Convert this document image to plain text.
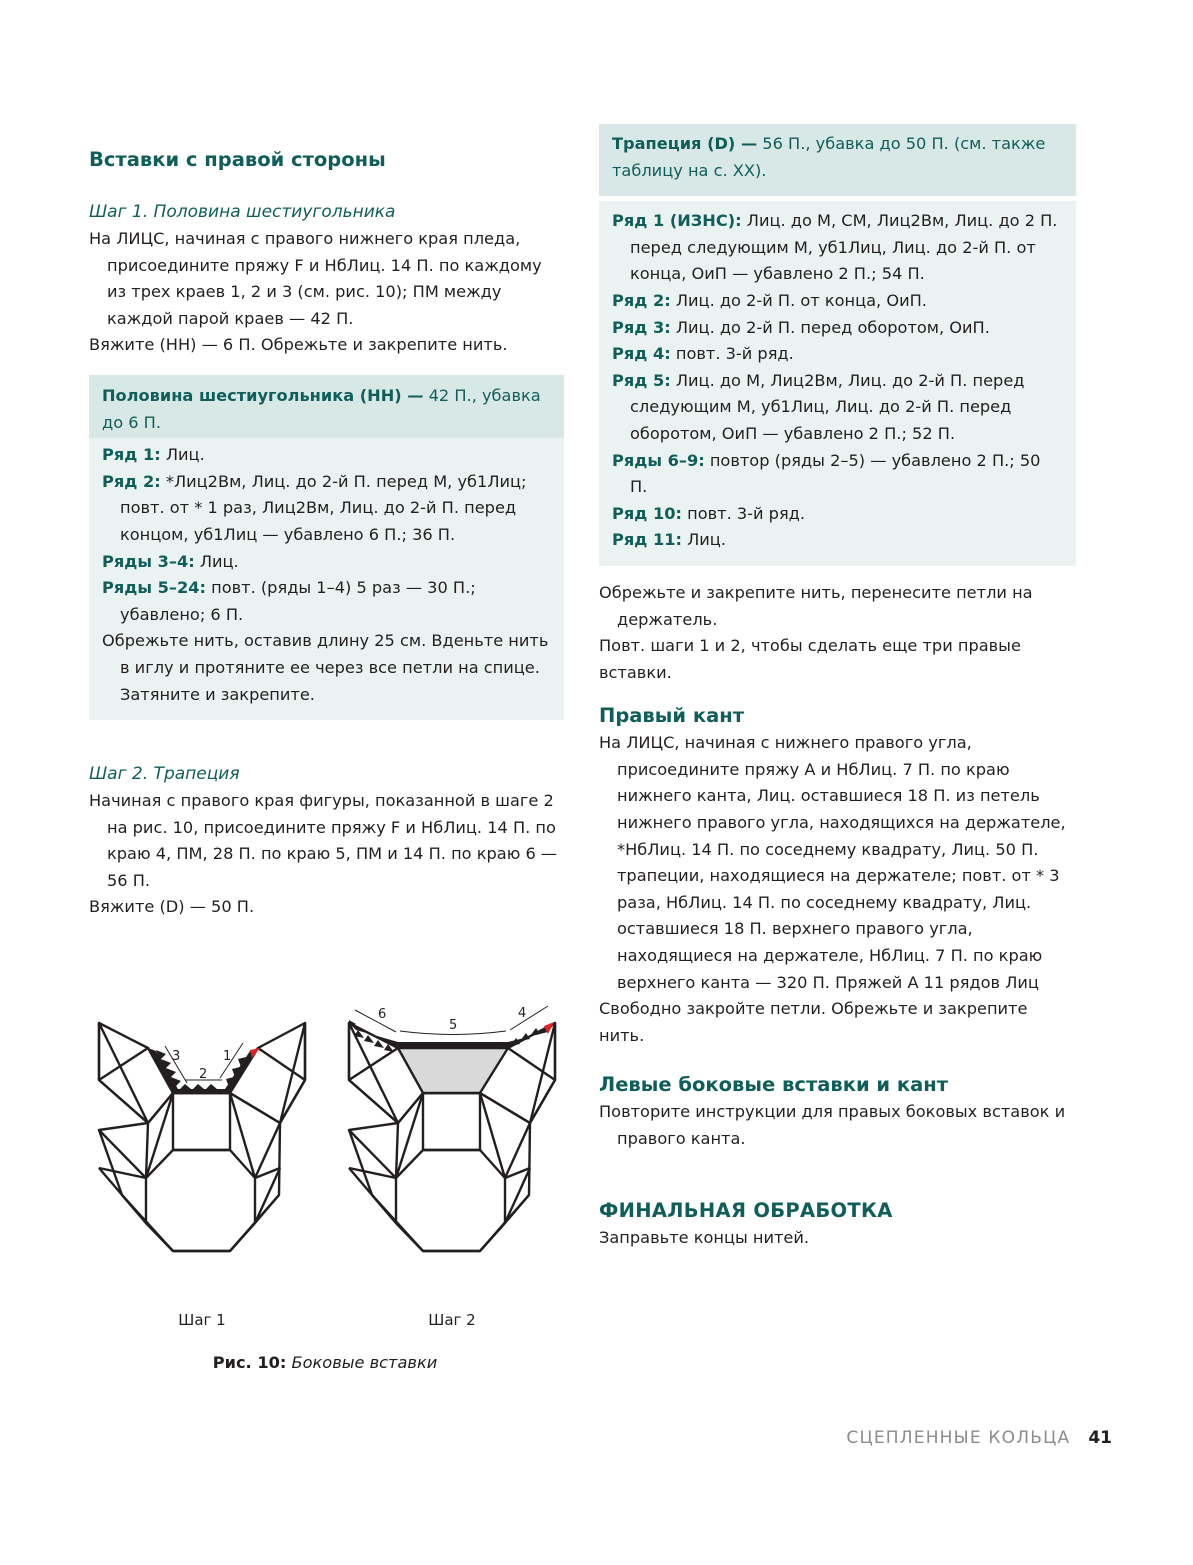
Вставки с правой стороны
Шаг 1. Половина шестиугольника

На ЛИЦС, начиная с правого нижнего края пледа, присоедините пряжу F и НбЛиц. 14 П. по каждому из трех краев 1, 2 и 3 (см. рис. 10); ПМ между каждой парой краев — 42 П.

Вяжите (НН) — 6 П. Обрежьте и закрепите нить.

Половина шестиугольника (НН) — 42 П., убавка до 6 П.

Ряд 1: Лиц.

Ряд 2: *Лиц2Вм, Лиц. до 2-й П. перед М, уб1Лиц; повт. от * 1 раз, Лиц2Вм, Лиц. до 2-й П. перед концом, уб1Лиц — убавлено 6 П.; 36 П.

Ряды 3–4: Лиц.

Ряды 5–24: повт. (ряды 1–4) 5 раз — 30 П.; убавлено; 6 П.

Обрежьте нить, оставив длину 25 см. Вденьте нить в иглу и протяните ее через все петли на спице. Затяните и закрепите.

Шаг 2. Трапеция

Начиная с правого края фигуры, показанной в шаге 2 на рис. 10, присоедините пряжу F и НбЛиц. 14 П. по краю 4, ПМ, 28 П. по краю 5, ПМ и 14 П. по краю 6 — 56 П.

Вяжите (D) — 50 П.

3
2
1
6
5
4
Шаг 1	Шаг 2
Рис. 10: Боковые вставки
Трапеция (D) — 56 П., убавка до 50 П. (см. также таблицу на с. XX).

Ряд 1 (ИЗНС): Лиц. до М, СМ, Лиц2Вм, Лиц. до 2 П. перед следующим М, уб1Лиц, Лиц. до 2-й П. от конца, ОиП — убавлено 2 П.; 54 П.

Ряд 2: Лиц. до 2-й П. от конца, ОиП.

Ряд 3: Лиц. до 2-й П. перед оборотом, ОиП.

Ряд 4: повт. 3-й ряд.

Ряд 5: Лиц. до М, Лиц2Вм, Лиц. до 2-й П. перед следующим М, уб1Лиц, Лиц. до 2-й П. перед оборотом, ОиП — убавлено 2 П.; 52 П.

Ряды 6–9: повтор (ряды 2–5) — убавлено 2 П.; 50 П.

Ряд 10: повт. 3-й ряд.

Ряд 11: Лиц.

Обрежьте и закрепите нить, перенесите петли на держатель.

Повт. шаги 1 и 2, чтобы сделать еще три правые вставки.

Правый кант

На ЛИЦС, начиная с нижнего правого угла, присоедините пряжу A и НбЛиц. 7 П. по краю нижнего канта, Лиц. оставшиеся 18 П. из петель нижнего правого угла, находящихся на держателе, *НбЛиц. 14 П. по соседнему квадрату, Лиц. 50 П. трапеции, находящиеся на держателе; повт. от * 3 раза, НбЛиц. 14 П. по соседнему квадрату, Лиц. оставшиеся 18 П. верхнего правого угла, находящиеся на держателе, НбЛиц. 7 П. по краю верхнего канта — 320 П. Пряжей A 11 рядов Лиц

Свободно закройте петли. Обрежьте и закрепите нить.

Левые боковые вставки и кант

Повторите инструкции для правых боковых вставок и правого канта.

ФИНАЛЬНАЯ ОБРАБОТКА

Заправьте концы нитей.

СЦЕПЛЕННЫЕ КОЛЬЦА 41
